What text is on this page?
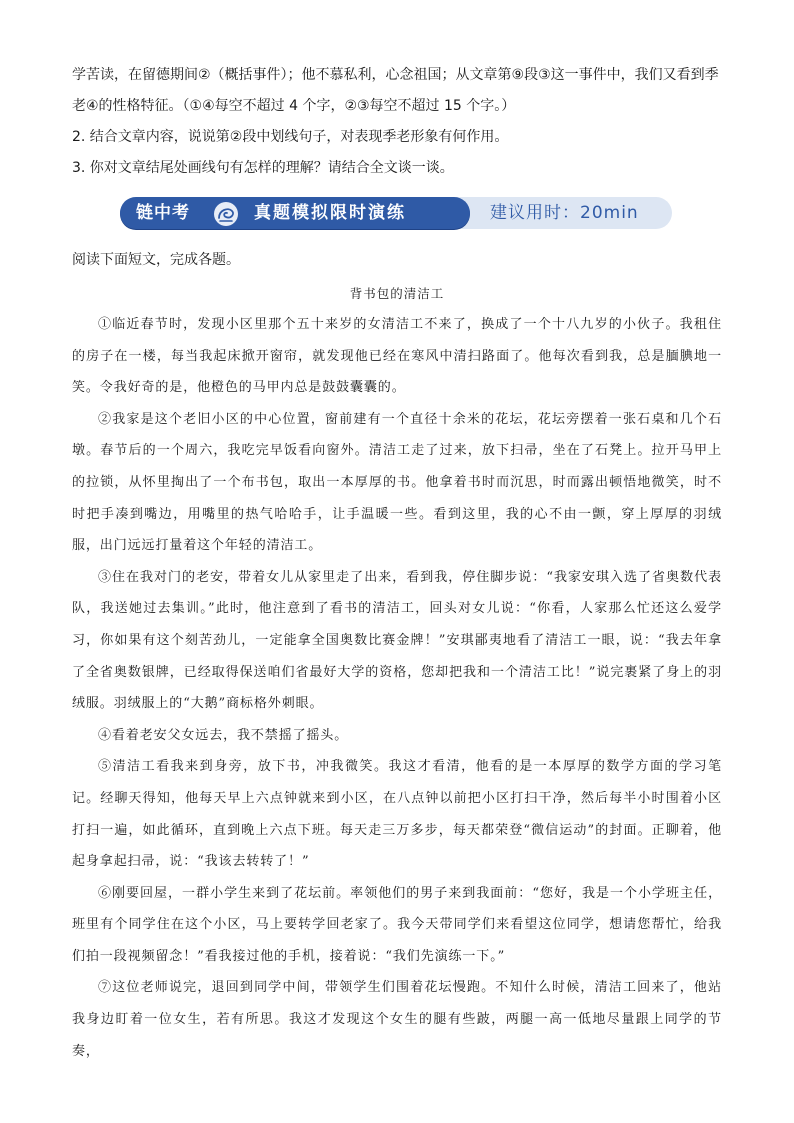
学苦读，在留德期间②（概括事件）；他不慕私利，心念祖国；从文章第⑨段③这一事件中，我们又看到季

老④的性格特征。（①④每空不超过 4 个字，②③每空不超过 15 个字。）

2. 结合文章内容，说说第②段中划线句子，对表现季老形象有何作用。

3. 你对文章结尾处画线句有怎样的理解？请结合全文谈一谈。

链中考	真题模拟限时演练	建议用时：20min

阅读下面短文，完成各题。

背书包的清洁工

①临近春节时，发现小区里那个五十来岁的女清洁工不来了，换成了一个十八九岁的小伙子。我租住的房子在一楼，每当我起床掀开窗帘，就发现他已经在寒风中清扫路面了。他每次看到我，总是腼腆地一笑。令我好奇的是，他橙色的马甲内总是鼓鼓囊囊的。

②我家是这个老旧小区的中心位置，窗前建有一个直径十余米的花坛，花坛旁摆着一张石桌和几个石墩。春节后的一个周六，我吃完早饭看向窗外。清洁工走了过来，放下扫帚，坐在了石凳上。拉开马甲上的拉锁，从怀里掏出了一个布书包，取出一本厚厚的书。他拿着书时而沉思，时而露出顿悟地微笑，时不时把手凑到嘴边，用嘴里的热气哈哈手，让手温暖一些。看到这里，我的心不由一颤，穿上厚厚的羽绒服，出门远远打量着这个年轻的清洁工。

③住在我对门的老安，带着女儿从家里走了出来，看到我，停住脚步说：“我家安琪入选了省奥数代表队，我送她过去集训。”此时，他注意到了看书的清洁工，回头对女儿说：“你看，人家那么忙还这么爱学习，你如果有这个刻苦劲儿，一定能拿全国奥数比赛金牌！”安琪鄙夷地看了清洁工一眼，说：“我去年拿了全省奥数银牌，已经取得保送咱们省最好大学的资格，您却把我和一个清洁工比！”说完裹紧了身上的羽绒服。羽绒服上的“大鹅”商标格外刺眼。

④看着老安父女远去，我不禁摇了摇头。

⑤清洁工看我来到身旁，放下书，冲我微笑。我这才看清，他看的是一本厚厚的数学方面的学习笔记。经聊天得知，他每天早上六点钟就来到小区，在八点钟以前把小区打扫干净，然后每半小时围着小区打扫一遍，如此循环，直到晚上六点下班。每天走三万多步，每天都荣登“微信运动”的封面。正聊着，他起身拿起扫帚，说：“我该去转转了！”

⑥刚要回屋，一群小学生来到了花坛前。率领他们的男子来到我面前：“您好，我是一个小学班主任，班里有个同学住在这个小区，马上要转学回老家了。我今天带同学们来看望这位同学，想请您帮忙，给我们拍一段视频留念！”看我接过他的手机，接着说：“我们先演练一下。”

⑦这位老师说完，退回到同学中间，带领学生们围着花坛慢跑。不知什么时候，清洁工回来了，他站我身边盯着一位女生，若有所思。我这才发现这个女生的腿有些跛，两腿一高一低地尽量跟上同学的节奏，
